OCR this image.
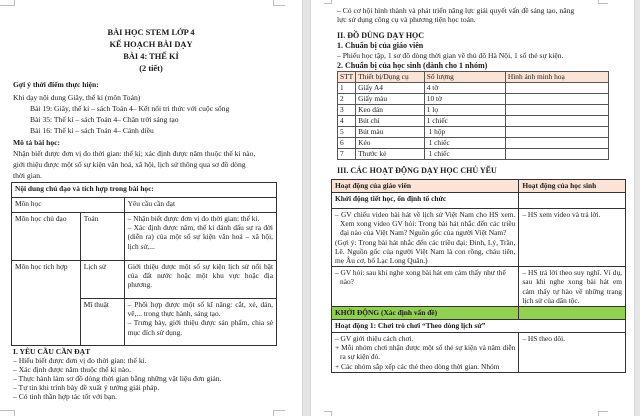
BÀI HỌC STEM LỚP 4
KẾ HOẠCH BÀI DẠY
BÀI 4: THẾ KỈ
(2 tiết)
Gợi ý thời điểm thực hiện:
Khi dạy nội dung Giây, thế kỉ (môn Toán)
Bài 19: Giây, thế kỉ – sách Toán 4– Kết nối tri thức với cuộc sống
Bài 35: Thế kỉ – sách Toán 4– Chân trời sáng tạo
Bài 16: Thế kỉ – sách Toán 4– Cánh diều
Mô tả bài học:
Nhận biết được đơn vị đo thời gian: thế kỉ; xác định được năm thuộc thế kỉ nào,
giới thiệu được một số sự kiện văn hoá, xã hội, lịch sử thông qua sơ đồ dòng
thời gian.
Nội dung chủ đạo và tích hợp trong bài học:		
Môn học		Yêu cầu cần đạt
Môn học chủ đạo	Toán	– Nhận biết được đơn vị đo thời gian: thế kỉ.
– Xác định được năm, thế kỉ đánh dấu sự ra đời (diễn ra) của một số sự kiện văn hoá – xã hội, lịch sử,...

Môn học tích hợp	Lịch sử	Giới thiệu được một số sự kiện lịch sử nổi bật của đất nước hoặc một khu vực hoặc địa phương.

	Mĩ thuật	– Phối hợp được một số kĩ năng: cắt, xé, dán, vẽ,... trong thực hành, sáng tạo.
– Trưng bày, giới thiệu được sản phẩm, chia sẻ mục đích sử dụng.
I. YÊU CẦU CẦN ĐẠT
– Hiểu biết được đơn vị đo thời gian: thế kỉ.
– Xác định được năm thuộc thế kỉ nào.
– Thực hành làm sơ đồ dòng thời gian bằng những vật liệu đơn giản.
– Tự tin khi trình bày đề xuất ý tưởng giải pháp.
– Có tinh thần hợp tác tốt với bạn.
– Có cơ hội hình thành và phát triển năng lực giải quyết vấn đề sáng tạo, năng
lực sử dụng công cụ và phương tiện học toán.
II. ĐỒ DÙNG DẠY HỌC
1. Chuẩn bị của giáo viên
– Phiếu học tập, 1 sơ đồ dòng thời gian về thủ đô Hà Nội, 1 số thẻ sự kiện.
2. Chuẩn bị của học sinh (dành cho 1 nhóm)
STT	Thiết bị/Dụng cụ	Số lượng	Hình ảnh minh hoạ
1	Giấy A4	4 tờ	
2	Giấy màu	10 tờ	
3	Keo dán	1 lọ	
4	Bút chì	1 chiếc	
5	Bút màu	1 hộp	
6	Kéo	1 chiếc	
7	Thước kẻ	1 chiếc	
III. CÁC HOẠT ĐỘNG DẠY HỌC CHỦ YẾU
Hoạt động của giáo viên	Hoạt động của học sinh
Khởi động tiết học, ổn định tổ chức	

– GV chiếu video bài hát về lịch sử Việt Nam cho HS xem. Xem xong video GV hỏi: Trong bài hát nhắc đến các triều đại nào của Việt Nam? Nguồn gốc của người Việt Nam?
(Gợi ý: Trong bài hát nhắc đến các triều đại: Đinh, Lý, Trần, Lê. Nguồn gốc của người Việt Nam là con rồng, cháu tiên, mẹ Âu cơ, bố Lạc Long Quân.)	– HS xem video và trả lời.

– GV hỏi: sau khi nghe xong bài hát em cảm thấy như thế nào?	– HS trả lời theo suy nghĩ. Ví dụ, sau khi nghe xong bài hát em cảm thấy tự hào về những trang lịch sử của dân tộc.
KHỞI ĐỘNG (Xác định vấn đề)	
Hoạt động 1: Chơi trò chơi “Theo dòng lịch sử”	

– GV giới thiệu cách chơi.
+ Mỗi nhóm chơi nhận được một số thẻ sự kiện và năm diễn ra sự kiện đó.
+ Các nhóm sắp xếp các thẻ theo dòng thời gian. Nhóm	– HS theo dõi.
